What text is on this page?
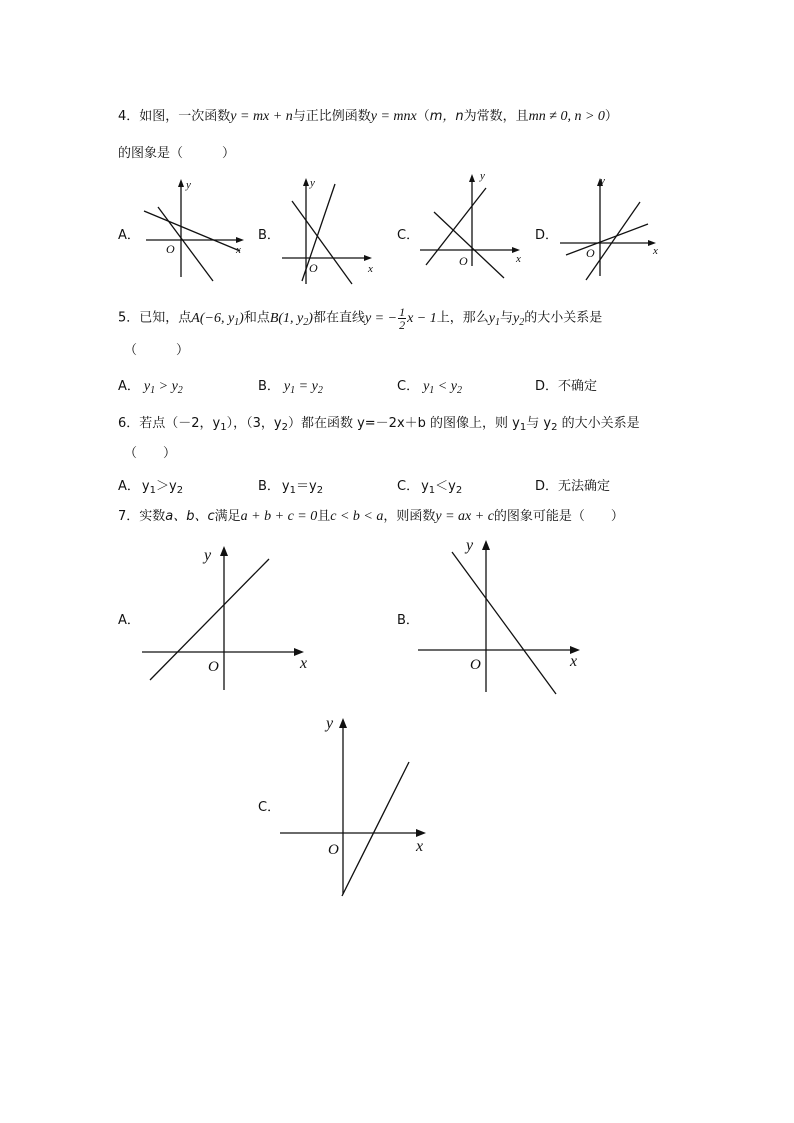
4．如图，一次函数y = mx + n与正比例函数y = mnx（m，n为常数，且mn ≠ 0, n > 0）
的图象是（　　　）
A．	B．	C．	D．
x
y
O
x
y
O
x
y
O
x
y
O
5．已知，点A(−6, $y_1$)和点B(1, $y_2$)都在直线y = − $\frac{1}{2}$ x − 1上，那么$y_1$与$y_2$的大小关系是
（　　　）
A． $y_1 > y_2$	B． $y_1 = y_2$	C． $y_1 < y_2$	D．不确定
6．若点（－2，$y_1$），（3，$y_2$）都在函数 y=－2x＋b 的图像上，则 $y_1$与 $y_2$ 的大小关系是
（　　）
A． $y_1>y_2$	B． $y_1=y_2$	C． $y_1<y_2$	D．无法确定
7．实数a、b、c满足a + b + c = 0且c < b < a，则函数y = ax + c的图象可能是（　　）
A．	B．
C．
x
y
O	x
y
O
x
y
O
